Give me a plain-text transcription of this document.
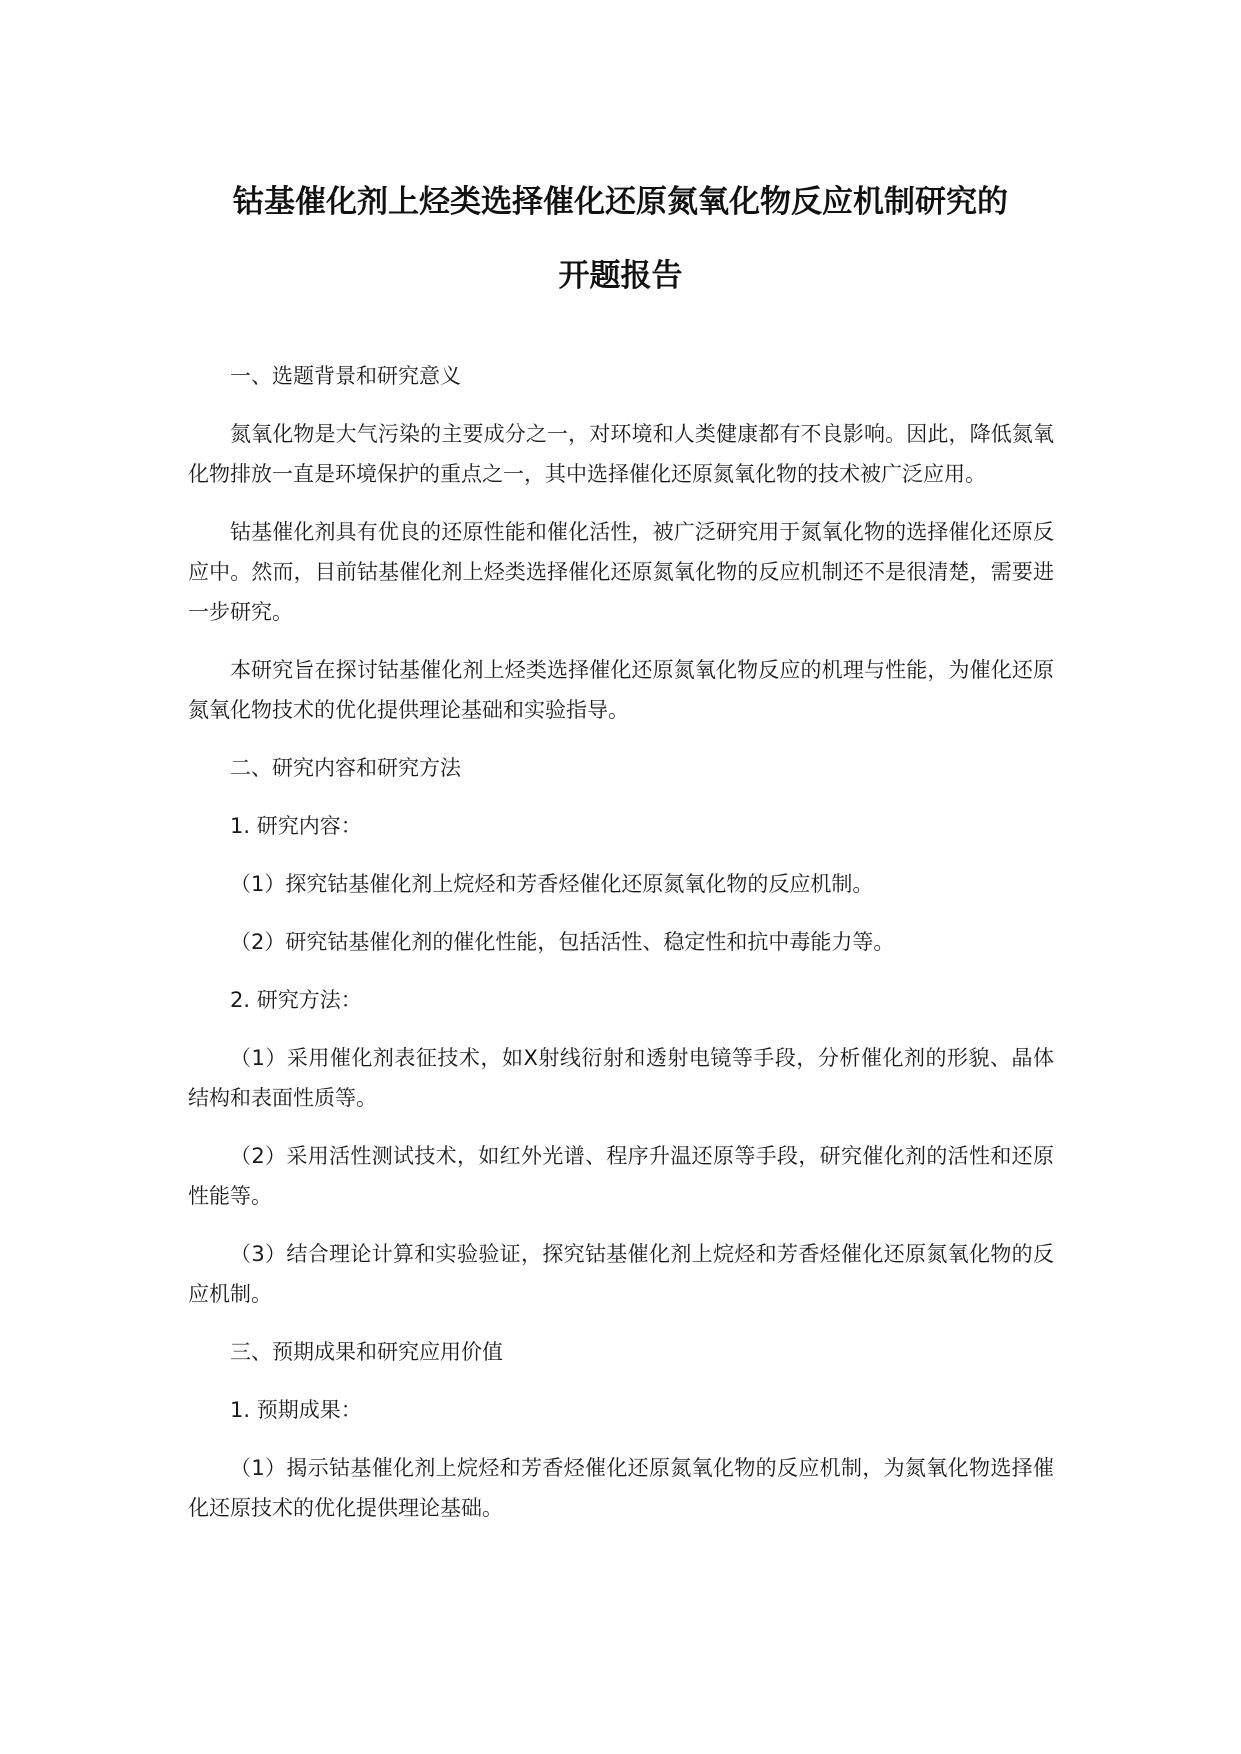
钴基催化剂上烃类选择催化还原氮氧化物反应机制研究的
开题报告

一、选题背景和研究意义

氮氧化物是大气污染的主要成分之一，对环境和人类健康都有不良影响。因此，降低氮氧化物排放一直是环境保护的重点之一，其中选择催化还原氮氧化物的技术被广泛应用。

钴基催化剂具有优良的还原性能和催化活性，被广泛研究用于氮氧化物的选择催化还原反应中。然而，目前钴基催化剂上烃类选择催化还原氮氧化物的反应机制还不是很清楚，需要进一步研究。

本研究旨在探讨钴基催化剂上烃类选择催化还原氮氧化物反应的机理与性能，为催化还原氮氧化物技术的优化提供理论基础和实验指导。

二、研究内容和研究方法

1. 研究内容：

（1）探究钴基催化剂上烷烃和芳香烃催化还原氮氧化物的反应机制。

（2）研究钴基催化剂的催化性能，包括活性、稳定性和抗中毒能力等。

2. 研究方法：

（1）采用催化剂表征技术，如X射线衍射和透射电镜等手段，分析催化剂的形貌、晶体结构和表面性质等。

（2）采用活性测试技术，如红外光谱、程序升温还原等手段，研究催化剂的活性和还原性能等。

（3）结合理论计算和实验验证，探究钴基催化剂上烷烃和芳香烃催化还原氮氧化物的反应机制。

三、预期成果和研究应用价值

1. 预期成果：

（1）揭示钴基催化剂上烷烃和芳香烃催化还原氮氧化物的反应机制，为氮氧化物选择催化还原技术的优化提供理论基础。
